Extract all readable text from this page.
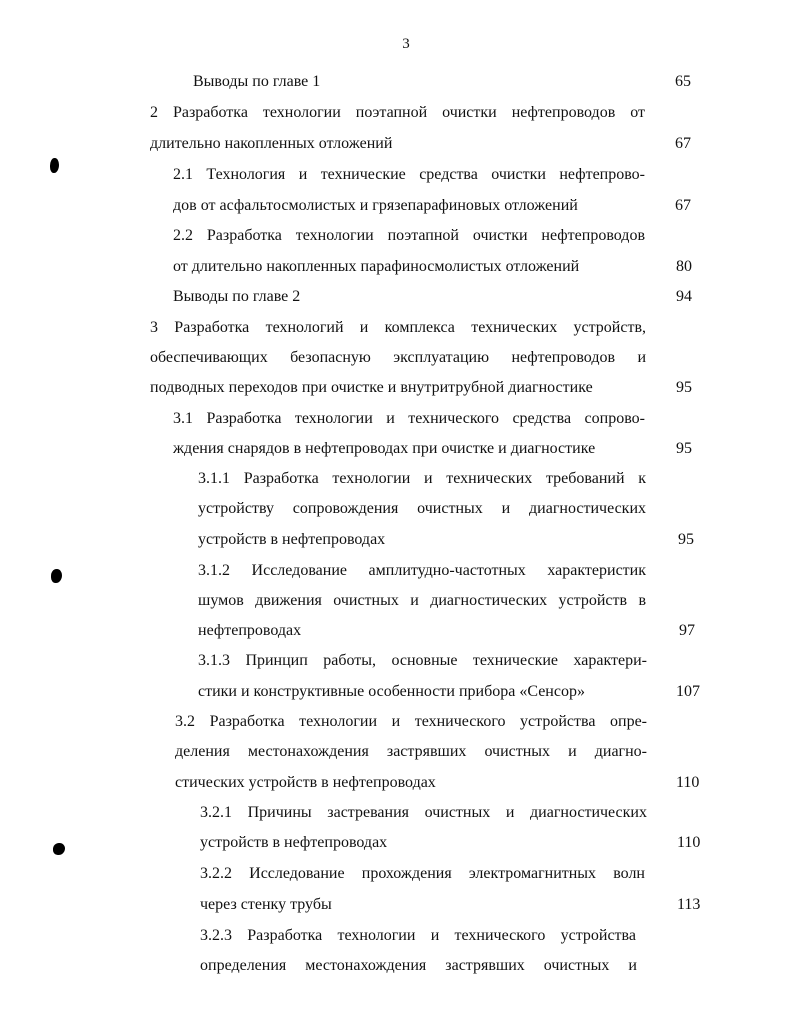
3
Выводы по главе 1	65
2 Разработка технологии поэтапной очистки нефтепроводов от
длительно накопленных отложений	67
2.1 Технология и технические средства очистки нефтепрово-
дов от асфальтосмолистых и грязепарафиновых отложений	67
2.2 Разработка технологии поэтапной очистки нефтепроводов
от длительно накопленных парафиносмолистых отложений	80
Выводы по главе 2	94
3 Разработка технологий и комплекса технических устройств,
обеспечивающих безопасную эксплуатацию нефтепроводов и
подводных переходов при очистке и внутритрубной диагностике	95
3.1 Разработка технологии и технического средства сопрово-
ждения снарядов в нефтепроводах при очистке и диагностике	95
3.1.1 Разработка технологии и технических требований к
устройству сопровождения очистных и диагностических
устройств в нефтепроводах	95
3.1.2 Исследование амплитудно-частотных характеристик
шумов движения очистных и диагностических устройств в
нефтепроводах	97
3.1.3 Принцип работы, основные технические характери-
стики и конструктивные особенности прибора «Сенсор»	107
3.2 Разработка технологии и технического устройства опре-
деления местонахождения застрявших очистных и диагно-
стических устройств в нефтепроводах	110
3.2.1 Причины застревания очистных и диагностических
устройств в нефтепроводах	110
3.2.2 Исследование прохождения электромагнитных волн
через стенку трубы	113
3.2.3 Разработка технологии и технического устройства
определения местонахождения застрявших очистных и
